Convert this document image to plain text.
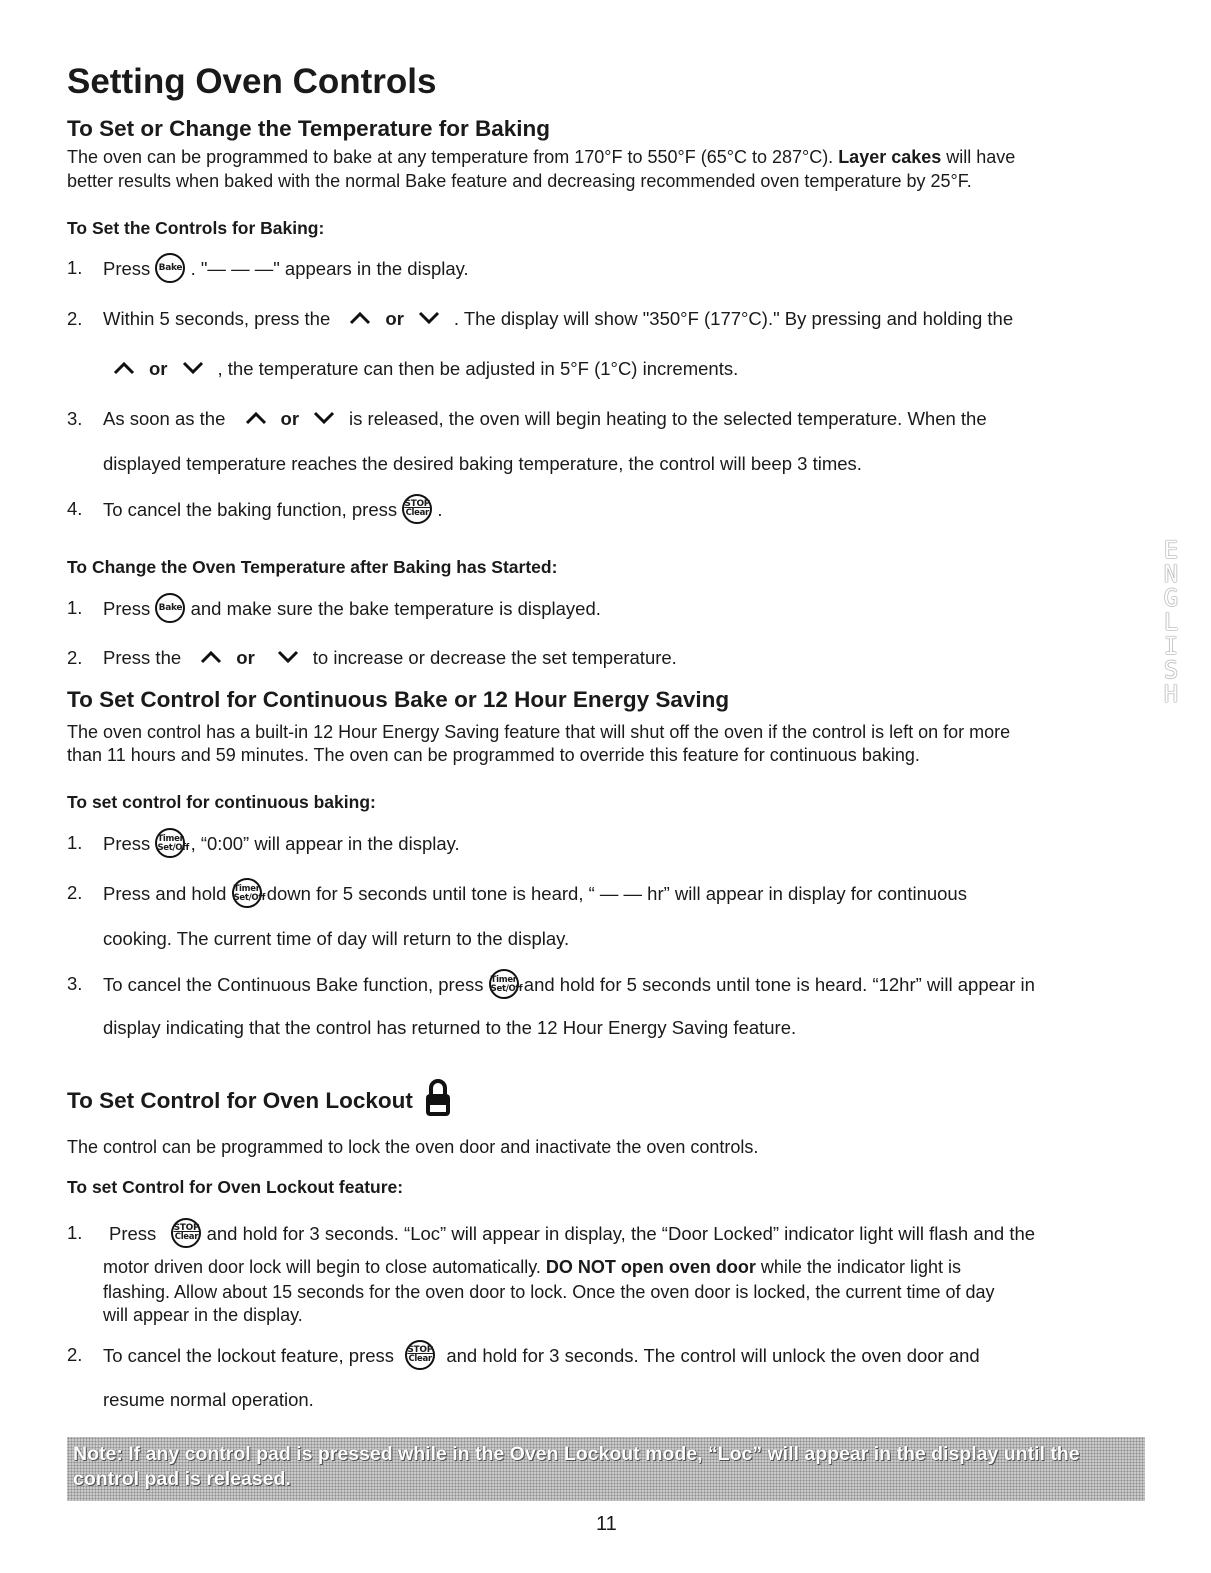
Setting Oven Controls
To Set or Change the Temperature for Baking
The oven can be programmed to bake at any temperature from 170°F to 550°F (65°C to 287°C). Layer cakes will have
better results when baked with the normal Bake feature and decreasing recommended oven temperature by 25°F.
To Set the Controls for Baking:
1. Press Bake . "— — —" appears in the display.
2. Within 5 seconds, press the	or	. The display will show "350°F (177°C)." By pressing and holding the
or	, the temperature can then be adjusted in 5°F (1°C) increments.
3. As soon as the	or	is released, the oven will begin heating to the selected temperature. When the
displayed temperature reaches the desired baking temperature, the control will beep 3 times.
4. To cancel the baking function, press STOP
Clear .
To Change the Oven Temperature after Baking has Started:
1. Press Bake and make sure the bake temperature is displayed.
2. Press the	or	to increase or decrease the set temperature.
To Set Control for Continuous Bake or 12 Hour Energy Saving
The oven control has a built-in 12 Hour Energy Saving feature that will shut off the oven if the control is left on for more
than 11 hours and 59 minutes. The oven can be programmed to override this feature for continuous baking.
To set control for continuous baking:
1. Press Timer
Set/Off , “0:00” will appear in the display.
2. Press and hold Timer
Set/Off down for 5 seconds until tone is heard, “ — — hr” will appear in display for continuous
cooking. The current time of day will return to the display.
3. To cancel the Continuous Bake function, press Timer
Set/Off and hold for 5 seconds until tone is heard. “12hr” will appear in
display indicating that the control has returned to the 12 Hour Energy Saving feature.
To Set Control for Oven Lockout
The control can be programmed to lock the oven door and inactivate the oven controls.
To set Control for Oven Lockout feature:
1. Press STOP
Clear and hold for 3 seconds. “Loc” will appear in display, the “Door Locked” indicator light will flash and the
motor driven door lock will begin to close automatically. DO NOT open oven door while the indicator light is
flashing. Allow about 15 seconds for the oven door to lock. Once the oven door is locked, the current time of day
will appear in the display.
2. To cancel the lockout feature, press STOP
Clear and hold for 3 seconds. The control will unlock the oven door and
resume normal operation.
Note: If any control pad is pressed while in the Oven Lockout mode, “Loc” will appear in the display until the control pad is released.
E
N
G
L
I
S
H
11
